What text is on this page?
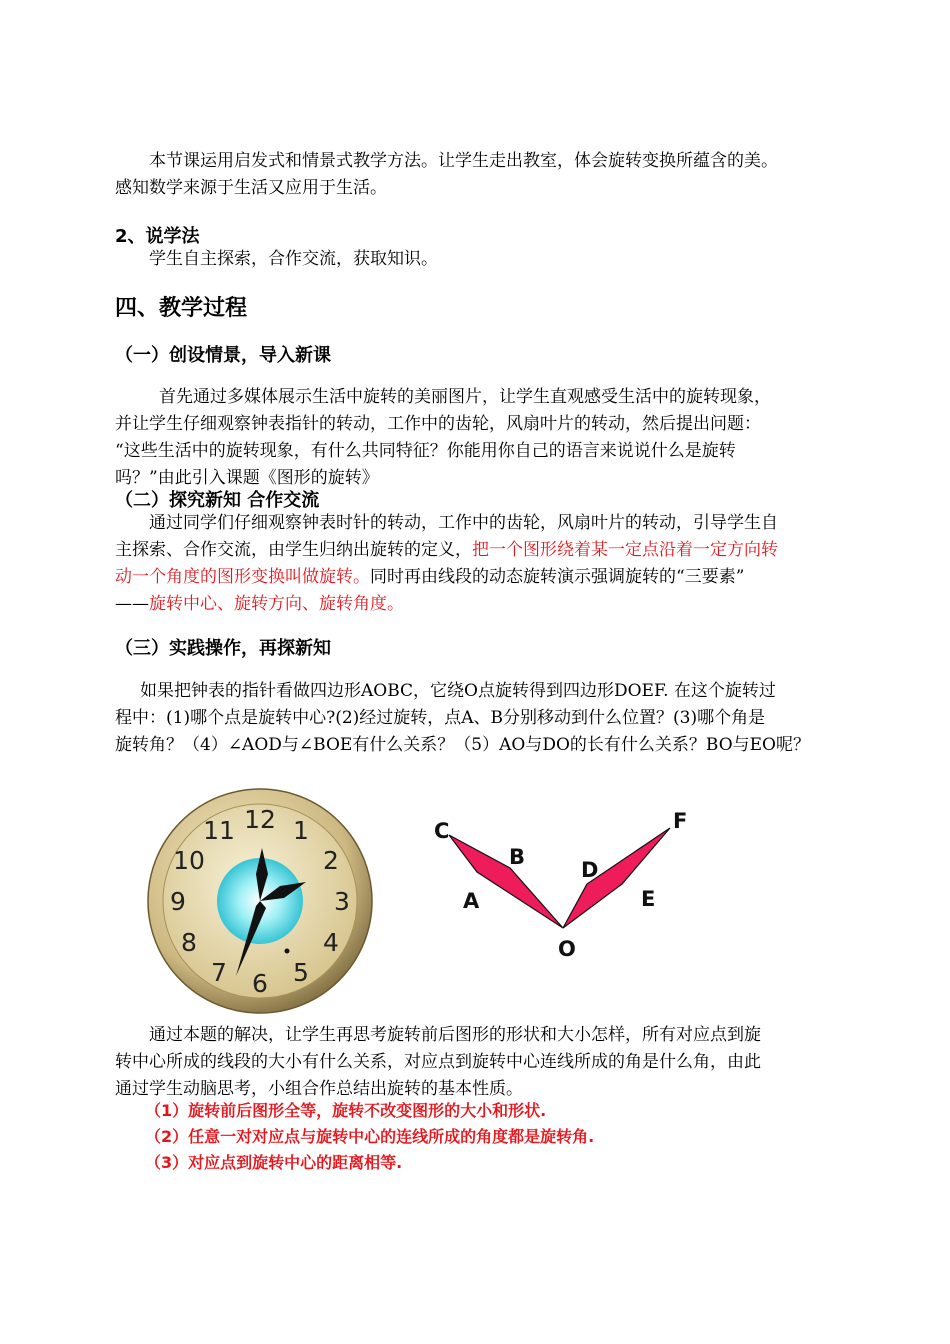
本节课运用启发式和情景式教学方法。让学生走出教室，体会旋转变换所蕴含的美。
感知数学来源于生活又应用于生活。

2、说学法

学生自主探索，合作交流，获取知识。

四、教学过程
（一）创设情景，导入新课

首先通过多媒体展示生活中旋转的美丽图片，让学生直观感受生活中的旋转现象，
并让学生仔细观察钟表指针的转动，工作中的齿轮，风扇叶片的转动，然后提出问题：
“这些生活中的旋转现象，有什么共同特征？你能用你自己的语言来说说什么是旋转
吗？”由此引入课题《图形的旋转》

（二）探究新知 合作交流

通过同学们仔细观察钟表时针的转动，工作中的齿轮，风扇叶片的转动，引导学生自
主探索、合作交流，由学生归纳出旋转的定义，把一个图形绕着某一定点沿着一定方向转
动一个角度的图形变换叫做旋转。同时再由线段的动态旋转演示强调旋转的“三要素”
——旋转中心、旋转方向、旋转角度。

（三）实践操作，再探新知

如果把钟表的指针看做四边形AOBC，它绕O点旋转得到四边形DOEF. 在这个旋转过
程中：(1)哪个点是旋转中心?(2)经过旋转，点A、B分别移动到什么位置？(3)哪个角是
旋转角？（4）∠AOD与∠BOE有什么关系？（5）AO与DO的长有什么关系？BO与EO呢？

12 1
2
3
4
5
6
7
8
9
10
11	C
B
A
O
D
E
F

通过本题的解决，让学生再思考旋转前后图形的形状和大小怎样，所有对应点到旋
转中心所成的线段的大小有什么关系，对应点到旋转中心连线所成的角是什么角，由此
通过学生动脑思考，小组合作总结出旋转的基本性质。

（1）旋转前后图形全等，旋转不改变图形的大小和形状.
（2）任意一对对应点与旋转中心的连线所成的角度都是旋转角.
（3）对应点到旋转中心的距离相等.
